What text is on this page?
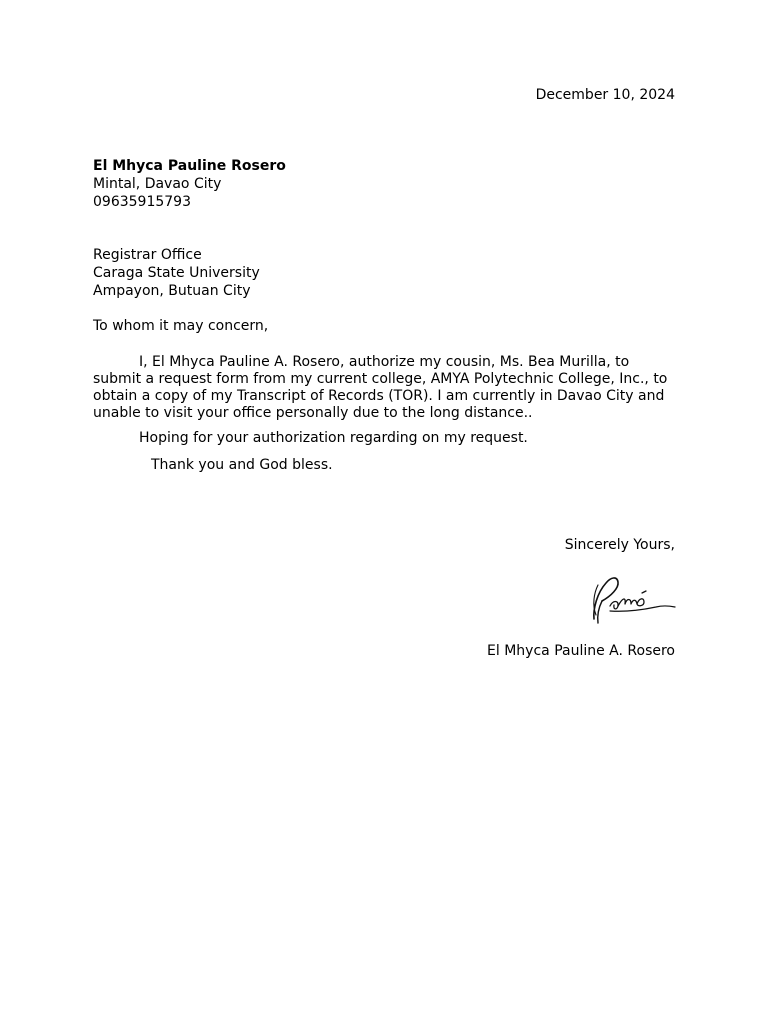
December 10, 2024
El Mhyca Pauline Rosero
Mintal, Davao City
09635915793
Registrar Office
Caraga State University
Ampayon, Butuan City
To whom it may concern,
I, El Mhyca Pauline A. Rosero, authorize my cousin, Ms. Bea Murilla, to submit a request form from my current college, AMYA Polytechnic College, Inc., to obtain a copy of my Transcript of Records (TOR). I am currently in Davao City and unable to visit your office personally due to the long distance..
Hoping for your authorization regarding on my request.
Thank you and God bless.
Sincerely Yours,
El Mhyca Pauline A. Rosero
